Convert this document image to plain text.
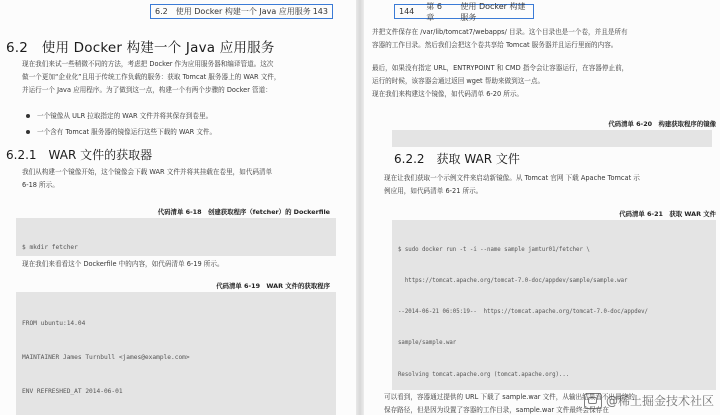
6.2　使用 Docker 构建一个 Java 应用服务 143
6.2　使用 Docker 构建一个 Java 应用服务
现在我们来试一些稍微不同的方法，考虑把 Docker 作为应用服务器和编译管道。这次
做一个更加“企业化”且用于传统工作负载的服务：获取 Tomcat 服务器上的 WAR 文件，
并运行一个 Java 应用程序。为了做到这一点，构建一个有两个步骤的 Docker 管道：
一个镜像从 ULR 拉取指定的 WAR 文件并将其保存到卷里。
一个含有 Tomcat 服务器的镜像运行这些下载的 WAR 文件。
6.2.1　WAR 文件的获取器
我们从构建一个镜像开始，这个镜像会下载 WAR 文件并将其挂载在卷里，如代码清单
6-18 所示。
代码清单 6-18　创建获取程序（fetcher）的 Dockerfile

$ mkdir fetcher

现在我们来看看这个 Dockerfile 中的内容，如代码清单 6-19 所示。
代码清单 6-19　WAR 文件的获取程序

FROM ubuntu:14.04

MAINTAINER James Turnbull <james@example.com>

ENV REFRESHED_AT 2014-06-01

144
第 6 章
使用 Docker 构建服务
并把文件保存在 /var/lib/tomcat7/webapps/ 目录。这个目录也是一个卷，并且是所有
容器的工作目录。然后我们会把这个卷共享给 Tomcat 服务器并且运行里面的内容。
最后，如果没有指定 URL，ENTRYPOINT 和 CMD 指令会让容器运行，在容器停止前，
运行的时候，该容器会通过返回 wget 帮助来做到这一点。
现在我们来构建这个镜像，如代码清单 6-20 所示。
代码清单 6-20　构建获取程序的镜像

6.2.2　获取 WAR 文件
现在让我们获取一个示例文件来启动新镜像。从 Tomcat 官网 下载 Apache Tomcat 示
例应用，如代码清单 6-21 所示。
代码清单 6-21　获取 WAR 文件

$ sudo docker run -t -i --name sample jamtur01/fetcher \

https://tomcat.apache.org/tomcat-7.0-doc/appdev/sample/sample.war

--2014-06-21 06:05:19--  https://tomcat.apache.org/tomcat-7.0-doc/appdev/

sample/sample.war

Resolving tomcat.apache.org (tomcat.apache.org)...

可以看到，容器通过提供的 URL 下载了 sample.war 文件，从输出结果看不出最终的
保存路径，但是因为设置了容器的工作目录，sample.war 文件最终会保存在
@稀土掘金技术社区
